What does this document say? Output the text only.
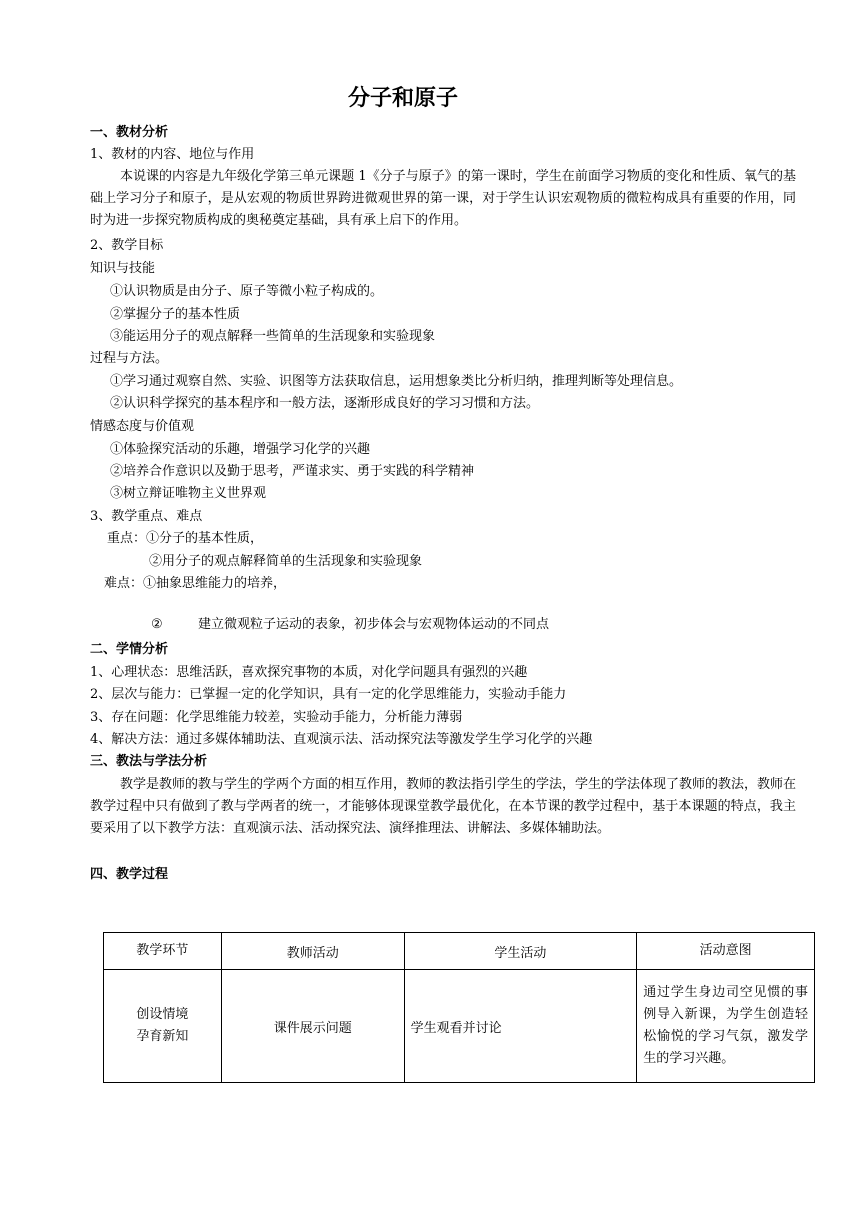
分子和原子
一、教材分析
1、教材的内容、地位与作用

本说课的内容是九年级化学第三单元课题 1《分子与原子》的第一课时，学生在前面学习物质的变化和性质、氧气的基础上学习分子和原子，是从宏观的物质世界跨进微观世界的第一课，对于学生认识宏观物质的微粒构成具有重要的作用，同时为进一步探究物质构成的奥秘奠定基础，具有承上启下的作用。

2、教学目标
知识与技能
①认识物质是由分子、原子等微小粒子构成的。
②掌握分子的基本性质
③能运用分子的观点解释一些简单的生活现象和实验现象
过程与方法。
①学习通过观察自然、实验、识图等方法获取信息，运用想象类比分析归纳，推理判断等处理信息。
②认识科学探究的基本程序和一般方法，逐渐形成良好的学习习惯和方法。
情感态度与价值观
①体验探究活动的乐趣，增强学习化学的兴趣
②培养合作意识以及勤于思考，严谨求实、勇于实践的科学精神
③树立辩证唯物主义世界观
3、教学重点、难点
重点：①分子的基本性质，
②用分子的观点解释简单的生活现象和实验现象
难点：①抽象思维能力的培养，
②	建立微观粒子运动的表象，初步体会与宏观物体运动的不同点
二、学情分析
1、心理状态：思维活跃，喜欢探究事物的本质，对化学问题具有强烈的兴趣
2、层次与能力：已掌握一定的化学知识，具有一定的化学思维能力，实验动手能力
3、存在问题：化学思维能力较差，实验动手能力，分析能力薄弱
4、解决方法：通过多媒体辅助法、直观演示法、活动探究法等激发学生学习化学的兴趣
三、教法与学法分析

教学是教师的教与学生的学两个方面的相互作用，教师的教法指引学生的学法，学生的学法体现了教师的教法，教师在教学过程中只有做到了教与学两者的统一，才能够体现课堂教学最优化，在本节课的教学过程中，基于本课题的特点，我主要采用了以下教学方法：直观演示法、活动探究法、演绎推理法、讲解法、多媒体辅助法。

四、教学过程
教学环节	教师活动	学生活动	活动意图

创设情境
孕育新知	课件展示问题	学生观看并讨论	通过学生身边司空见惯的事例导入新课，为学生创造轻松愉悦的学习气氛，激发学生的学习兴趣。
